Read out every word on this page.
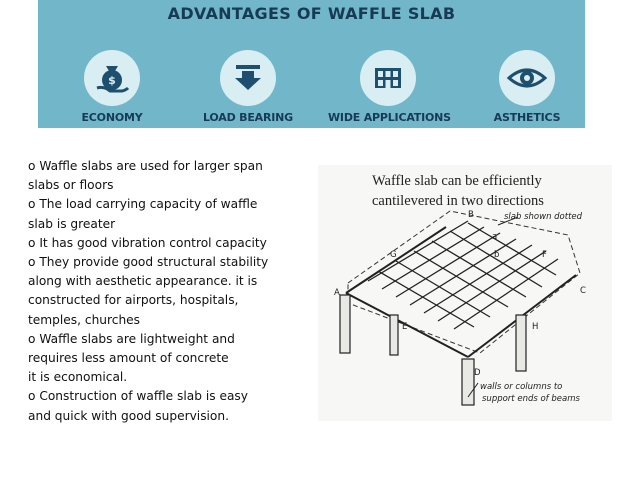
ADVANTAGES OF WAFFLE SLAB
$
ECONOMY	LOAD BEARING	WIDE APPLICATIONS	ASTHETICS
o Waffle slabs are used for larger span
slabs or floors
o The load carrying capacity of waffle
slab is greater
o It has good vibration control capacity
o They provide good structural stability
along with aesthetic appearance. it is
constructed for airports, hospitals,
temples, churches
o Waffle slabs are lightweight and
requires less amount of concrete
it is economical.
o Construction of waffle slab is easy
and quick with good supervision.
slab shown dotted
walls or columns to
support ends of beams
A
B
C
D
E
F
G
H
a
b
Waffle slab can be efficiently
cantilevered in two directions
